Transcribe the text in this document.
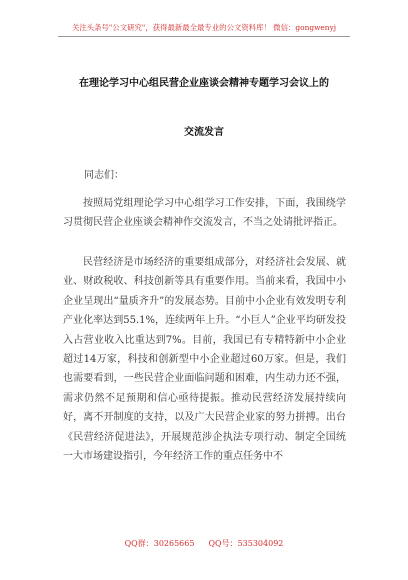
关注头条号"公文研究"，获得最新最全最专业的公文资料库！ 微信：gongwenyj
在理论学习中心组民营企业座谈会精神专题学习会议上的
交流发言
同志们：

按照局党组理论学习中心组学习工作安排，下面，我围绕学习贯彻民营企业座谈会精神作交流发言，不当之处请批评指正。

民营经济是市场经济的重要组成部分，对经济社会发展、就业、财政税收、科技创新等具有重要作用。当前来看，我国中小企业呈现出“量质齐升”的发展态势。目前中小企业有效发明专利产业化率达到55.1%，连续两年上升。“小巨人”企业平均研发投入占营业收入比重达到7%。目前，我国已有专精特新中小企业超过14万家，科技和创新型中小企业超过60万家。但是，我们也需要看到，一些民营企业面临问题和困难，内生动力还不强，需求仍然不足预期和信心亟待提振。推动民营经济发展持续向好，离不开制度的支持，以及广大民营企业家的努力拼搏。出台《民营经济促进法》，开展规范涉企执法专项行动、制定全国统一大市场建设指引，今年经济工作的重点任务中不

QQ群：30265665 QQ号：535304092
